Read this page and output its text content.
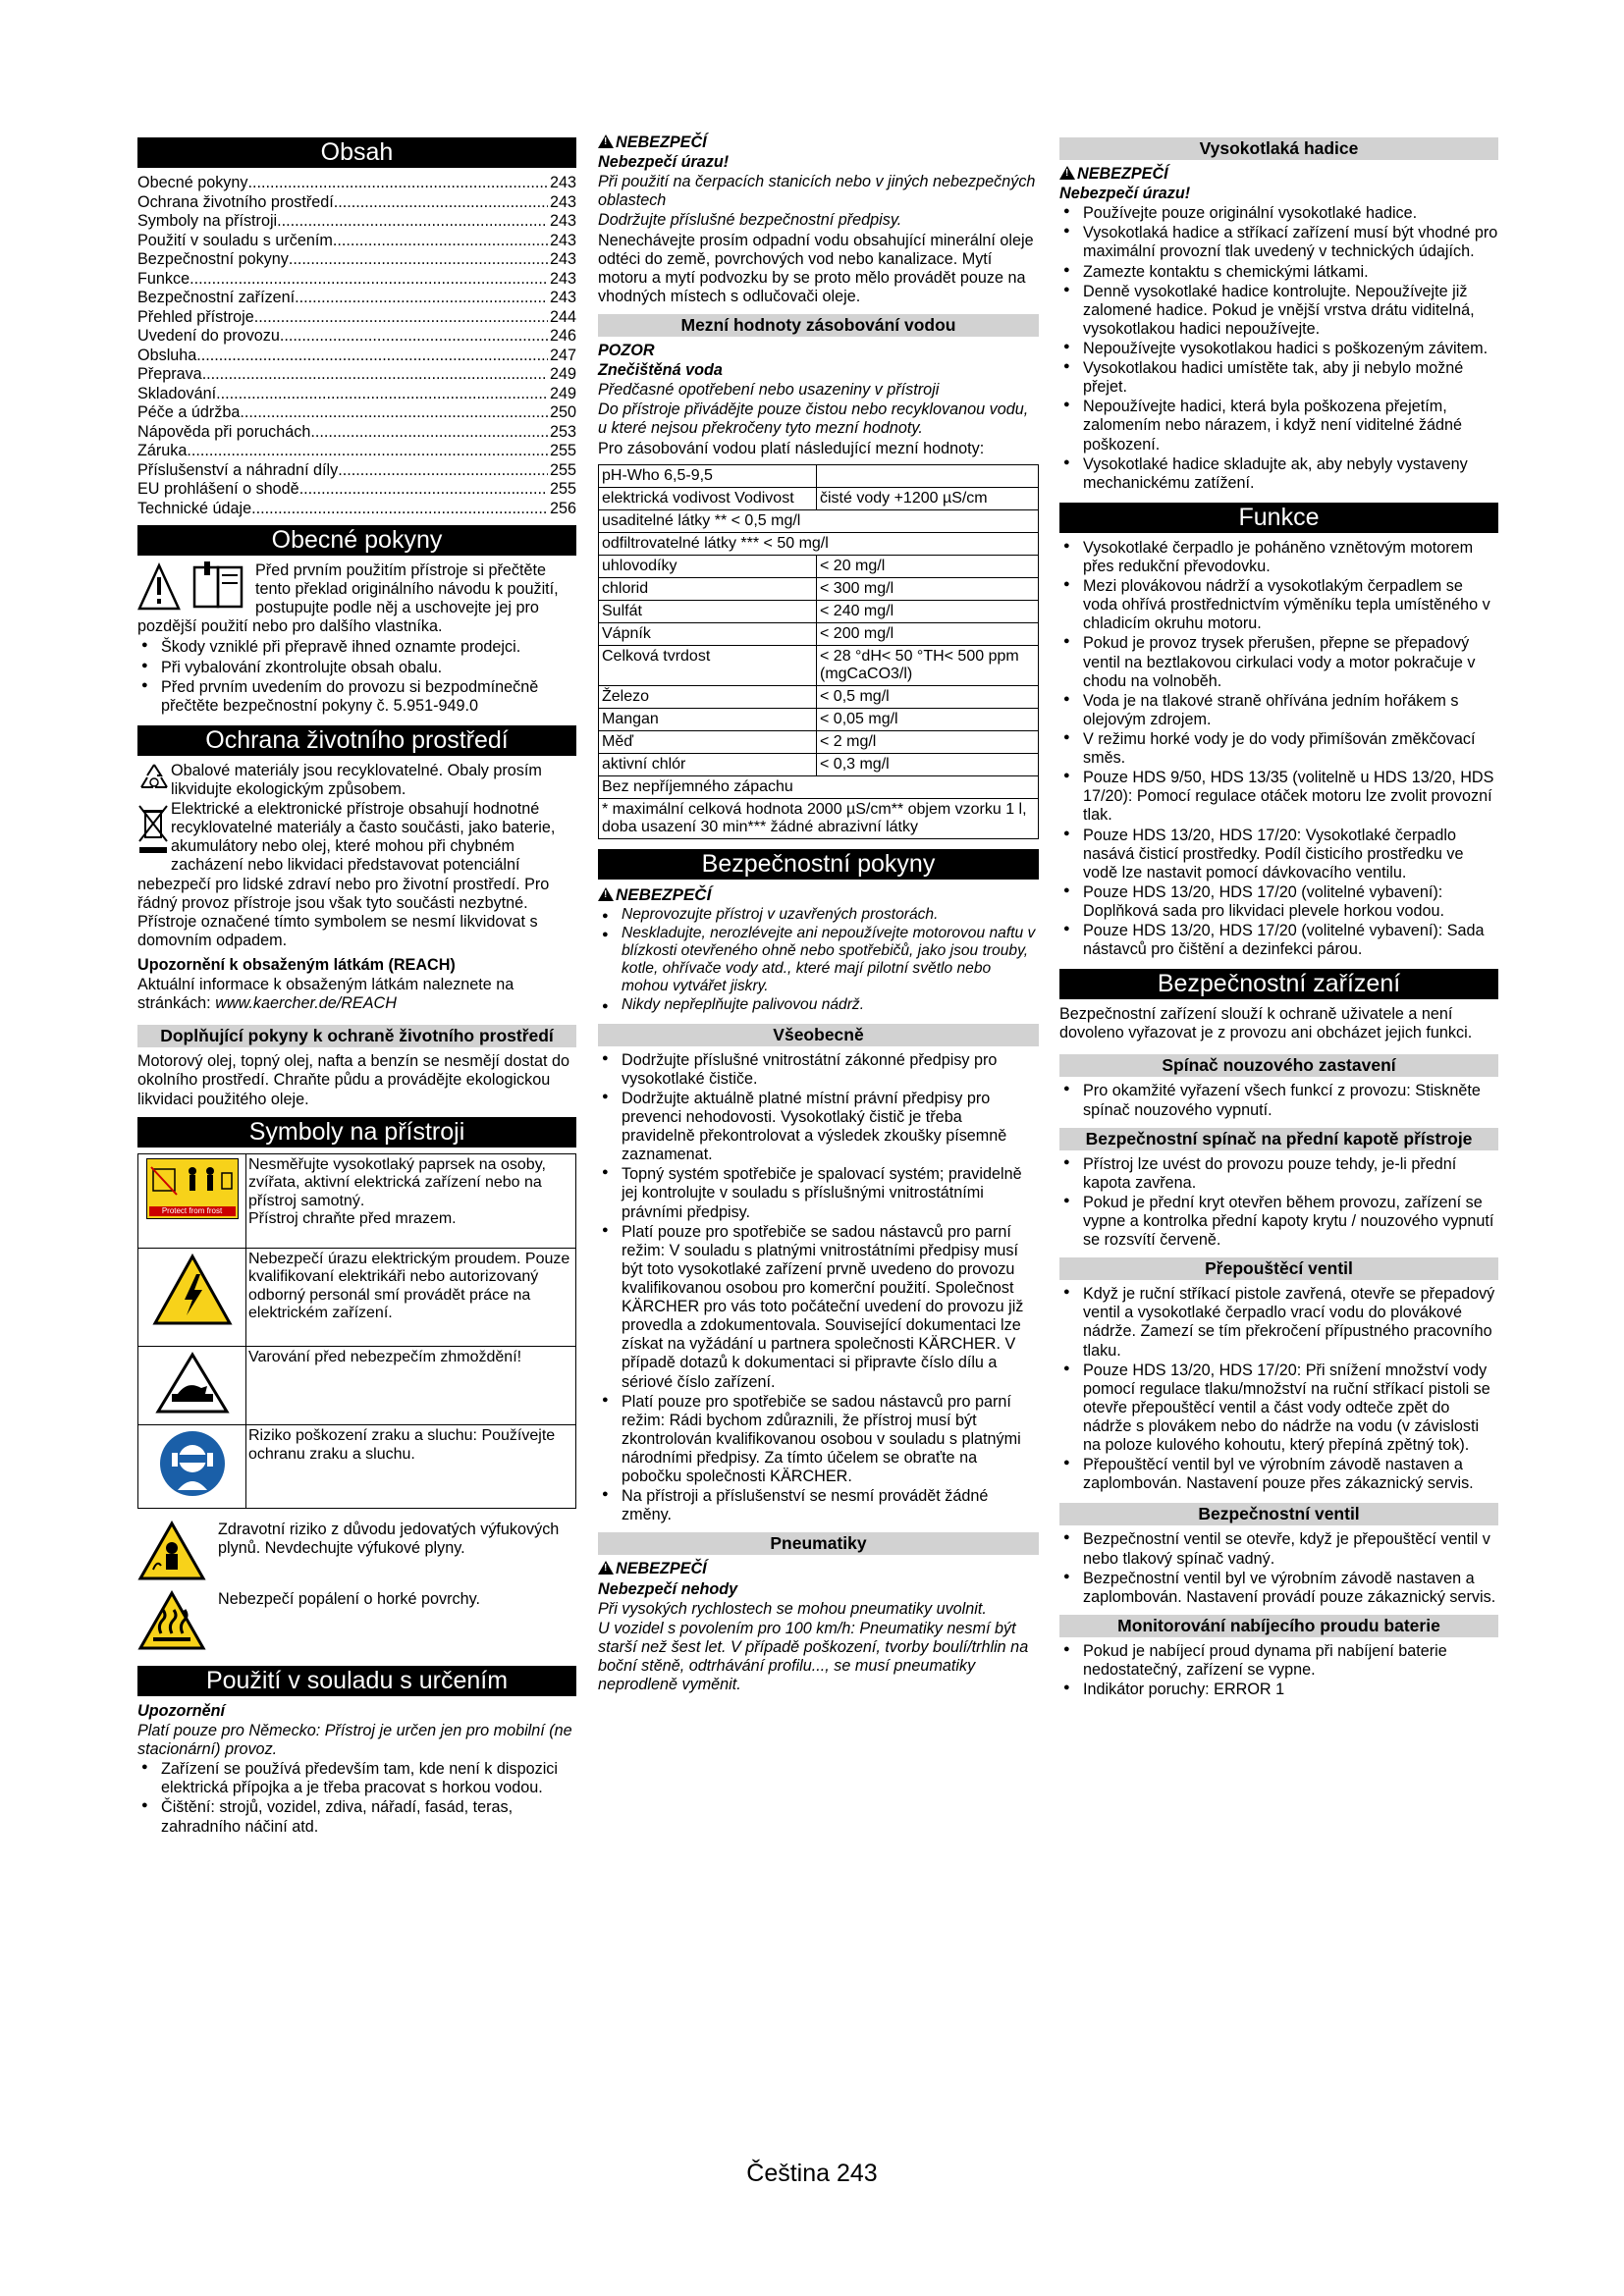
Obsah
Obecné pokyny .....	243
Ochrana životního prostředí .....	243
Symboly na přístroji .....	243
Použití v souladu s určením .....	243
Bezpečnostní pokyny .....	243
Funkce .....	243
Bezpečnostní zařízení .....	243
Přehled přístroje .....	244
Uvedení do provozu .....	246
Obsluha .....	247
Přeprava .....	249
Skladování .....	249
Péče a údržba .....	250
Nápověda při poruchách .....	253
Záruka .....	255
Příslušenství a náhradní díly .....	255
EU prohlášení o shodě .....	255
Technické údaje .....	256
Obecné pokyny

Před prvním použitím přístroje si přečtěte tento překlad originálního návodu k použití, postupujte podle něj a uschovejte jej pro pozdější použití nebo pro dalšího vlastníka.

● Škody vzniklé při přepravě ihned oznamte prodejci.
● Při vybalování zkontrolujte obsah obalu.
● Před prvním uvedením do provozu si bezpodmínečně přečtěte bezpečnostní pokyny č. 5.951-949.0
Ochrana životního prostředí

Obalové materiály jsou recyklovatelné. Obaly prosím likvidujte ekologickým způsobem.

Elektrické a elektronické přístroje obsahují hodnotné recyklovatelné materiály a často součásti, jako baterie, akumulátory nebo olej, které mohou při chybném zacházení nebo likvidaci představovat potenciální nebezpečí pro lidské zdraví nebo pro životní prostředí. Pro řádný provoz přístroje jsou však tyto součásti nezbytné. Přístroje označené tímto symbolem se nesmí likvidovat s domovním odpadem.

Upozornění k obsaženým látkám (REACH)

Aktuální informace k obsaženým látkám naleznete na stránkách: www.kaercher.de/REACH

Doplňující pokyny k ochraně životního prostředí

Motorový olej, topný olej, nafta a benzín se nesmějí dostat do okolního prostředí. Chraňte půdu a provádějte ekologickou likvidaci použitého oleje.

Symboly na přístroji
Protect from frost	Nesměřujte vysokotlaký paprsek na osoby, zvířata, aktivní elektrická zařízení nebo na přístroj samotný.
Přístroj chraňte před mrazem.
	Nebezpečí úrazu elektrickým proudem. Pouze kvalifikovaní elektrikáři nebo autorizovaný odborný personál smí provádět práce na elektrickém zařízení.
	Varování před nebezpečím zhmoždění!
	Riziko poškození zraku a sluchu: Používejte ochranu zraku a sluchu.
Zdravotní riziko z důvodu jedovatých výfukových plynů. Nevdechujte výfukové plyny.
Nebezpečí popálení o horké povrchy.
Použití v souladu s určením

Upozornění

Platí pouze pro Německo: Přístroj je určen jen pro mobilní (ne stacionární) provoz.

● Zařízení se používá především tam, kde není k dispozici elektrická přípojka a je třeba pracovat s horkou vodou.
● Čištění: strojů, vozidel, zdiva, nářadí, fasád, teras, zahradního náčiní atd.

!NEBEZPEČÍ

Nebezpečí úrazu!

Při použití na čerpacích stanicích nebo v jiných nebezpečných oblastech

Dodržujte příslušné bezpečnostní předpisy.

Nenechávejte prosím odpadní vodu obsahující minerální oleje odtéci do země, povrchových vod nebo kanalizace. Mytí motoru a mytí podvozku by se proto mělo provádět pouze na vhodných místech s odlučovači oleje.

Mezní hodnoty zásobování vodou

POZOR

Znečištěná voda

Předčasné opotřebení nebo usazeniny v přístroji

Do přístroje přivádějte pouze čistou nebo recyklovanou vodu, u které nejsou překročeny tyto mezní hodnoty.

Pro zásobování vodou platí následující mezní hodnoty:

pH-Who 6,5-9,5	
elektrická vodivost Vodivost	čisté vody +1200 µS/cm
usaditelné látky ** < 0,5 mg/l	
odfiltrovatelné látky *** < 50 mg/l	
uhlovodíky	< 20 mg/l
chlorid	< 300 mg/l
Sulfát	< 240 mg/l
Vápník	< 200 mg/l
Celková tvrdost	< 28 °dH< 50 °TH< 500 ppm (mgCaCO3/l)
Železo	< 0,5 mg/l
Mangan	< 0,05 mg/l
Měď	< 2 mg/l
aktivní chlór	< 0,3 mg/l
Bez nepříjemného zápachu	
* maximální celková hodnota 2000 µS/cm** objem vzorku 1 l, doba usazení 30 min*** žádné abrazivní látky	
Bezpečnostní pokyny

!NEBEZPEČÍ

● Neprovozujte přístroj v uzavřených prostorách.
● Neskladujte, nerozlévejte ani nepoužívejte motorovou naftu v blízkosti otevřeného ohně nebo spotřebičů, jako jsou trouby, kotle, ohřívače vody atd., které mají pilotní světlo nebo mohou vytvářet jiskry.
● Nikdy nepřeplňujte palivovou nádrž.
Všeobecně
● Dodržujte příslušné vnitrostátní zákonné předpisy pro vysokotlaké čističe.
● Dodržujte aktuálně platné místní právní předpisy pro prevenci nehodovosti. Vysokotlaký čistič je třeba pravidelně překontrolovat a výsledek zkoušky písemně zaznamenat.
● Topný systém spotřebiče je spalovací systém; pravidelně jej kontrolujte v souladu s příslušnými vnitrostátními právními předpisy.
● Platí pouze pro spotřebiče se sadou nástavců pro parní režim: V souladu s platnými vnitrostátními předpisy musí být toto vysokotlaké zařízení prvně uvedeno do provozu kvalifikovanou osobou pro komerční použití. Společnost KÄRCHER pro vás toto počáteční uvedení do provozu již provedla a zdokumentovala. Související dokumentaci lze získat na vyžádání u partnera společnosti KÄRCHER. V případě dotazů k dokumentaci si připravte číslo dílu a sériové číslo zařízení.
● Platí pouze pro spotřebiče se sadou nástavců pro parní režim: Rádi bychom zdůraznili, že přístroj musí být zkontrolován kvalifikovanou osobou v souladu s platnými národními předpisy. Za tímto účelem se obraťte na pobočku společnosti KÄRCHER.
● Na přístroji a příslušenství se nesmí provádět žádné změny.
Pneumatiky

!NEBEZPEČÍ

Nebezpečí nehody

Při vysokých rychlostech se mohou pneumatiky uvolnit.

U vozidel s povolením pro 100 km/h: Pneumatiky nesmí být starší než šest let. V případě poškození, tvorby boulí/trhlin na boční stěně, odtrhávání profilu..., se musí pneumatiky neprodleně vyměnit.

Vysokotlaká hadice

!NEBEZPEČÍ

Nebezpečí úrazu!

● Používejte pouze originální vysokotlaké hadice.
● Vysokotlaká hadice a stříkací zařízení musí být vhodné pro maximální provozní tlak uvedený v technických údajích.
● Zamezte kontaktu s chemickými látkami.
● Denně vysokotlaké hadice kontrolujte. Nepoužívejte již zalomené hadice. Pokud je vnější vrstva drátu viditelná, vysokotlakou hadici nepoužívejte.
● Nepoužívejte vysokotlakou hadici s poškozeným závitem.
● Vysokotlakou hadici umístěte tak, aby ji nebylo možné přejet.
● Nepoužívejte hadici, která byla poškozena přejetím, zalomením nebo nárazem, i když není viditelné žádné poškození.
● Vysokotlaké hadice skladujte ak, aby nebyly vystaveny mechanickému zatížení.
Funkce
● Vysokotlaké čerpadlo je poháněno vznětovým motorem přes redukční převodovku.
● Mezi plovákovou nádrží a vysokotlakým čerpadlem se voda ohřívá prostřednictvím výměníku tepla umístěného v chladicím okruhu motoru.
● Pokud je provoz trysek přerušen, přepne se přepadový ventil na beztlakovou cirkulaci vody a motor pokračuje v chodu na volnoběh.
● Voda je na tlakové straně ohřívána jedním hořákem s olejovým zdrojem.
● V režimu horké vody je do vody přimíšován změkčovací směs.
● Pouze HDS 9/50, HDS 13/35 (volitelně u HDS 13/20, HDS 17/20): Pomocí regulace otáček motoru lze zvolit provozní tlak.
● Pouze HDS 13/20, HDS 17/20: Vysokotlaké čerpadlo nasává čisticí prostředky. Podíl čisticího prostředku ve vodě lze nastavit pomocí dávkovacího ventilu.
● Pouze HDS 13/20, HDS 17/20 (volitelné vybavení): Doplňková sada pro likvidaci plevele horkou vodou.
● Pouze HDS 13/20, HDS 17/20 (volitelné vybavení): Sada nástavců pro čištění a dezinfekci párou.
Bezpečnostní zařízení

Bezpečnostní zařízení slouží k ochraně uživatele a není dovoleno vyřazovat je z provozu ani obcházet jejich funkci.

Spínač nouzového zastavení
● Pro okamžité vyřazení všech funkcí z provozu: Stiskněte spínač nouzového vypnutí.
Bezpečnostní spínač na přední kapotě přístroje
● Přístroj lze uvést do provozu pouze tehdy, je-li přední kapota zavřena.
● Pokud je přední kryt otevřen během provozu, zařízení se vypne a kontrolka přední kapoty krytu / nouzového vypnutí se rozsvítí červeně.
Přepouštěcí ventil
● Když je ruční stříkací pistole zavřená, otevře se přepadový ventil a vysokotlaké čerpadlo vrací vodu do plovákové nádrže. Zamezí se tím překročení přípustného pracovního tlaku.
● Pouze HDS 13/20, HDS 17/20: Při snížení množství vody pomocí regulace tlaku/množství na ruční stříkací pistoli se otevře přepouštěcí ventil a část vody odteče zpět do nádrže s plovákem nebo do nádrže na vodu (v závislosti na poloze kulového kohoutu, který přepíná zpětný tok).
● Přepouštěcí ventil byl ve výrobním závodě nastaven a zaplombován. Nastavení pouze přes zákaznický servis.
Bezpečnostní ventil
● Bezpečnostní ventil se otevře, když je přepouštěcí ventil v nebo tlakový spínač vadný.
● Bezpečnostní ventil byl ve výrobním závodě nastaven a zaplombován. Nastavení provádí pouze zákaznický servis.
Monitorování nabíjecího proudu baterie
● Pokud je nabíjecí proud dynama při nabíjení baterie nedostatečný, zařízení se vypne.
● Indikátor poruchy: ERROR 1
Čeština 243
